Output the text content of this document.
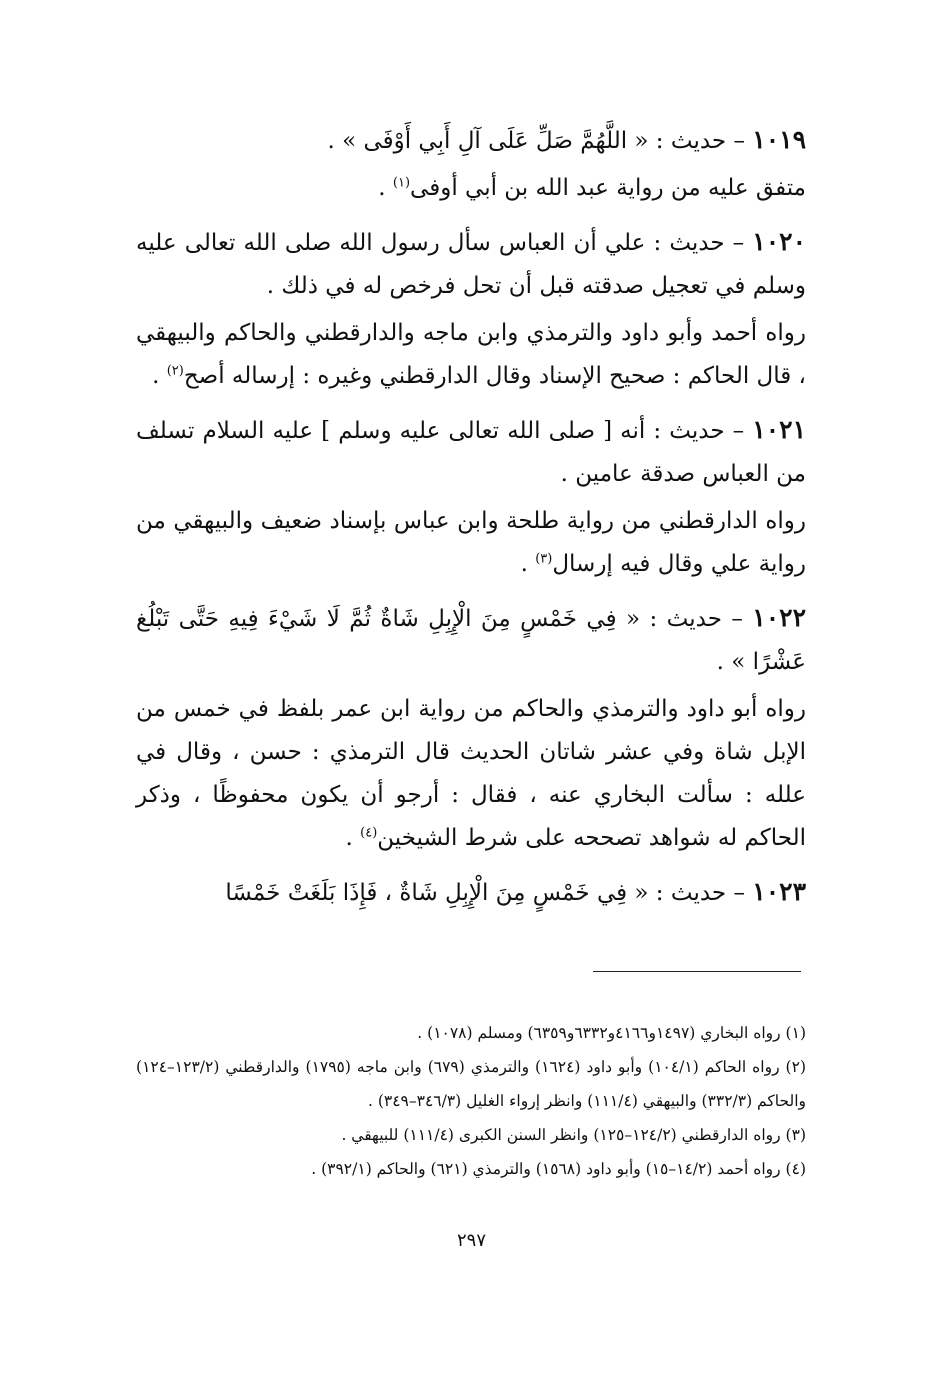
١٠١٩ – حديث : « اللَّهُمَّ صَلِّ عَلَى آلِ أَبِي أَوْفَى » .

متفق عليه من رواية عبد الله بن أبي أوفى$^{(١)}$ .

١٠٢٠ – حديث : علي أن العباس سأل رسول الله صلى الله تعالى عليه وسلم في تعجيل صدقته قبل أن تحل فرخص له في ذلك .

رواه أحمد وأبو داود والترمذي وابن ماجه والدارقطني والحاكم والبيهقي ، قال الحاكم : صحيح الإسناد وقال الدارقطني وغيره : إرساله أصح$^{(٢)}$ .

١٠٢١ – حديث : أنه [ صلى الله تعالى عليه وسلم ] عليه السلام تسلف من العباس صدقة عامين .

رواه الدارقطني من رواية طلحة وابن عباس بإسناد ضعيف والبيهقي من رواية علي وقال فيه إرسال$^{(٣)}$ .

١٠٢٢ – حديث : « فِي خَمْسٍ مِنَ الْإِبِلِ شَاةٌ ثُمَّ لَا شَيْءَ فِيهِ حَتَّى تَبْلُغ عَشْرًا » .

رواه أبو داود والترمذي والحاكم من رواية ابن عمر بلفظ في خمس من الإبل شاة وفي عشر شاتان الحديث قال الترمذي : حسن ، وقال في علله : سألت البخاري عنه ، فقال : أرجو أن يكون محفوظًا ، وذكر الحاكم له شواهد تصححه على شرط الشيخين$^{(٤)}$ .

١٠٢٣ – حديث : « فِي خَمْسٍ مِنَ الْإِبِلِ شَاةٌ ، فَإِذَا بَلَغَتْ خَمْسًا

(١) رواه البخاري (١٤٩٧و٤١٦٦و٦٣٣٢و٦٣٥٩) ومسلم (١٠٧٨) .

(٢) رواه الحاكم (١٠٤/١) وأبو داود (١٦٢٤) والترمذي (٦٧٩) وابن ماجه (١٧٩٥) والدارقطني (١٢٣/٢–١٢٤) والحاكم (٣٣٢/٣) والبيهقي (١١١/٤) وانظر إرواء الغليل (٣٤٦/٣–٣٤٩) .

(٣) رواه الدارقطني (١٢٤/٢–١٢٥) وانظر السنن الكبرى (١١١/٤) للبيهقي .

(٤) رواه أحمد (١٤/٢–١٥) وأبو داود (١٥٦٨) والترمذي (٦٢١) والحاكم (٣٩٢/١) .

٢٩٧
